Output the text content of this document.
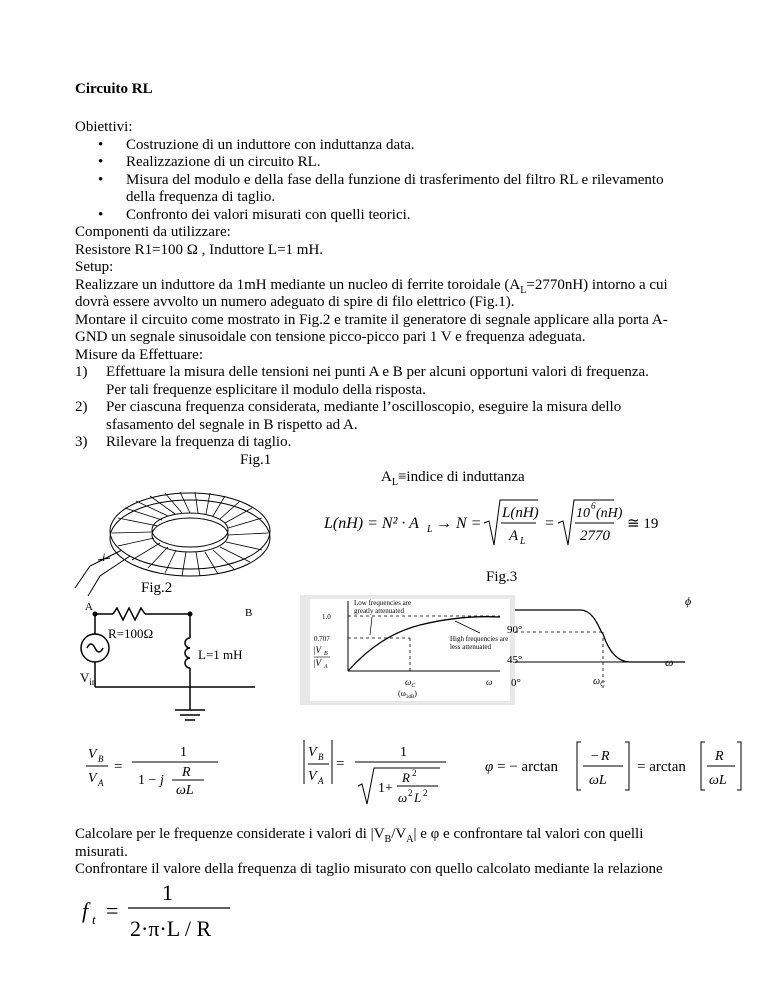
Circuito RL
Obiettivi:
Costruzione di un induttore con induttanza data.
Realizzazione di un circuito RL.
Misura del modulo e della fase della funzione di trasferimento del filtro RL e rilevamento
della frequenza di taglio.
Confronto dei valori misurati con quelli teorici.
Componenti da utilizzare:
Resistore R1=100 Ω , Induttore L=1 mH.
Setup:
Realizzare un induttore da 1mH mediante un nucleo di ferrite toroidale $(A_L=2770nH)$ intorno a cui
dovrà essere avvolto un numero adeguato di spire di filo elettrico (Fig.1).
Montare il circuito come mostrato in Fig.2 e tramite il generatore di segnale applicare alla porta A-
GND un segnale sinusoidale con tensione picco-picco pari 1 V e frequenza adeguata.
Misure da Effettuare:
1) Effettuare la misura delle tensioni nei punti A e B per alcuni opportuni valori di frequenza.
Per tali frequenze esplicitare il modulo della risposta.
2) Per ciascuna frequenza considerata, mediante l’oscilloscopio, eseguire la misura dello
sfasamento del segnale in B rispetto ad A.
3) Rilevare la frequenza di taglio.
Fig.1
$A_L\equiv indice$ di induttanza
i
L(nH) = N² · A L → N =
L(nH)
A L
=
10 6 (nH)
2770
≅ 19
Fig.2
Fig.3
A	B
R=100Ω
L=1 mH
$V_{in}$
1.0
0.707
Low frequencies are
greatly attenuated
High frequencies are
less attenuated
|V B
|V A
$\omega_C$
$(\omega_{3dB})$
ω
ϕ
90°
45°
0°
ω
$\omega_C$
V B
V A
=
1
1 − j
R
ωL
V B
V A
=
1
1+
R 2
ω 2 L 2
φ = − arctan
− R
ωL
= arctan
R
ωL
Calcolare per le frequenze considerate i valori di $|V_B/V_A|$ e φ e confrontare tal valori con quelli
misurati.
Confrontare il valore della frequenza di taglio misurato con quello calcolato mediante la relazione
f t =
1
2·π·L / R
